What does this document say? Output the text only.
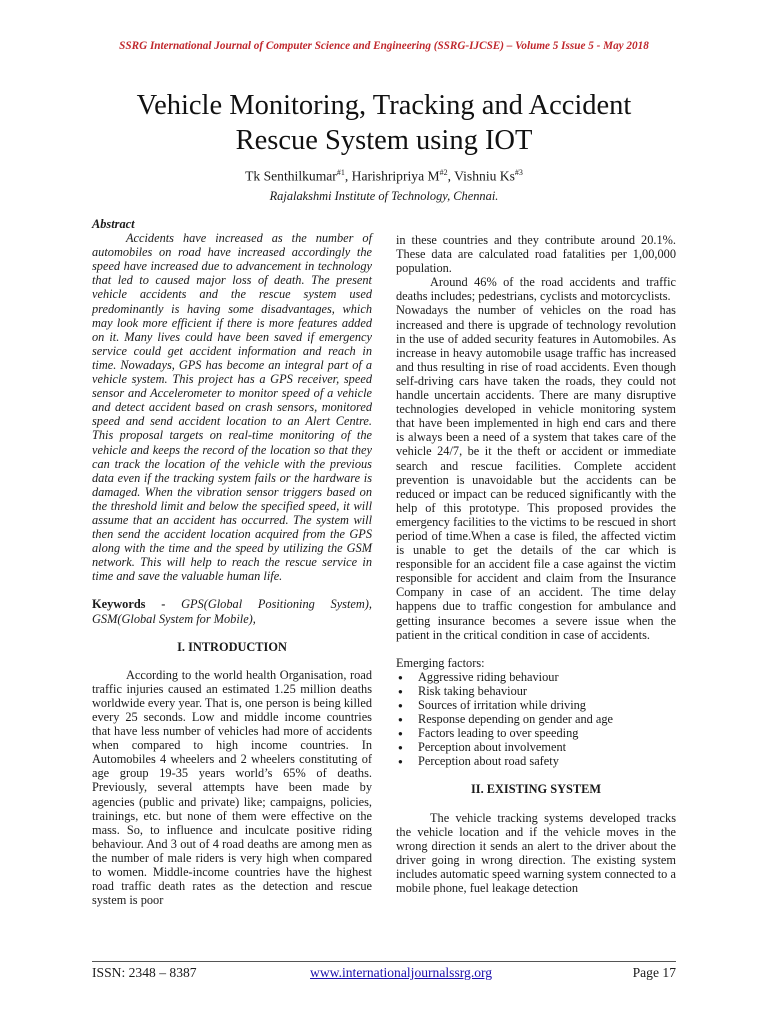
SSRG International Journal of Computer Science and Engineering (SSRG-IJCSE) – Volume 5 Issue 5 - May 2018
Vehicle Monitoring, Tracking and Accident
Rescue System using IOT
Tk Senthilkumar$^{\#1}$, Harishripriya $M^{\#2}$, Vishniu Ks$^{\#3}$
Rajalakshmi Institute of Technology, Chennai.
Abstract

Accidents have increased as the number of automobiles on road have increased accordingly the speed have increased due to advancement in technology that led to caused major loss of death. The present vehicle accidents and the rescue system used predominantly is having some disadvantages, which may look more efficient if there is more features added on it. Many lives could have been saved if emergency service could get accident information and reach in time. Nowadays, GPS has become an integral part of a vehicle system. This project has a GPS receiver, speed sensor and Accelerometer to monitor speed of a vehicle and detect accident based on crash sensors, monitored speed and send accident location to an Alert Centre. This proposal targets on real-time monitoring of the vehicle and keeps the record of the location so that they can track the location of the vehicle with the previous data even if the tracking system fails or the hardware is damaged. When the vibration sensor triggers based on the threshold limit and below the specified speed, it will assume that an accident has occurred. The system will then send the accident location acquired from the GPS along with the time and the speed by utilizing the GSM network. This will help to reach the rescue service in time and save the valuable human life.

Keywords - GPS(Global Positioning System), GSM(Global System for Mobile),

I. INTRODUCTION

According to the world health Organisation, road traffic injuries caused an estimated 1.25 million deaths worldwide every year. That is, one person is being killed every 25 seconds. Low and middle income countries that have less number of vehicles had more of accidents when compared to high income countries. In Automobiles 4 wheelers and 2 wheelers constituting of age group 19-35 years world’s 65% of deaths. Previously, several attempts have been made by agencies (public and private) like; campaigns, policies, trainings, etc. but none of them were effective on the mass. So, to influence and inculcate positive riding behaviour. And 3 out of 4 road deaths are among men as the number of male riders is very high when compared to women. Middle-income countries have the highest road traffic death rates as the detection and rescue system is poor

in these countries and they contribute around 20.1%. These data are calculated road fatalities per 1,00,000 population.

Around 46% of the road accidents and traffic deaths includes; pedestrians, cyclists and motorcyclists.

Nowadays the number of vehicles on the road has increased and there is upgrade of technology revolution in the use of added security features in Automobiles. As increase in heavy automobile usage traffic has increased and thus resulting in rise of road accidents. Even though self-driving cars have taken the roads, they could not handle uncertain accidents. There are many disruptive technologies developed in vehicle monitoring system that have been implemented in high end cars and there is always been a need of a system that takes care of the vehicle 24/7, be it the theft or accident or immediate search and rescue facilities. Complete accident prevention is unavoidable but the accidents can be reduced or impact can be reduced significantly with the help of this prototype. This proposed provides the emergency facilities to the victims to be rescued in short period of time.When a case is filed, the affected victim is unable to get the details of the car which is responsible for an accident file a case against the victim responsible for accident and claim from the Insurance Company in case of an accident. The time delay happens due to traffic congestion for ambulance and getting insurance becomes a severe issue when the patient in the critical condition in case of accidents.

Emerging factors:

● Aggressive riding behaviour
● Risk taking behaviour
● Sources of irritation while driving
● Response depending on gender and age
● Factors leading to over speeding
● Perception about involvement
● Perception about road safety

II. EXISTING SYSTEM

The vehicle tracking systems developed tracks the vehicle location and if the vehicle moves in the wrong direction it sends an alert to the driver about the driver going in wrong direction. The existing system includes automatic speed warning system connected to a mobile phone, fuel leakage detection

ISSN: 2348 – 8387	www.internationaljournalssrg.org	Page 17
